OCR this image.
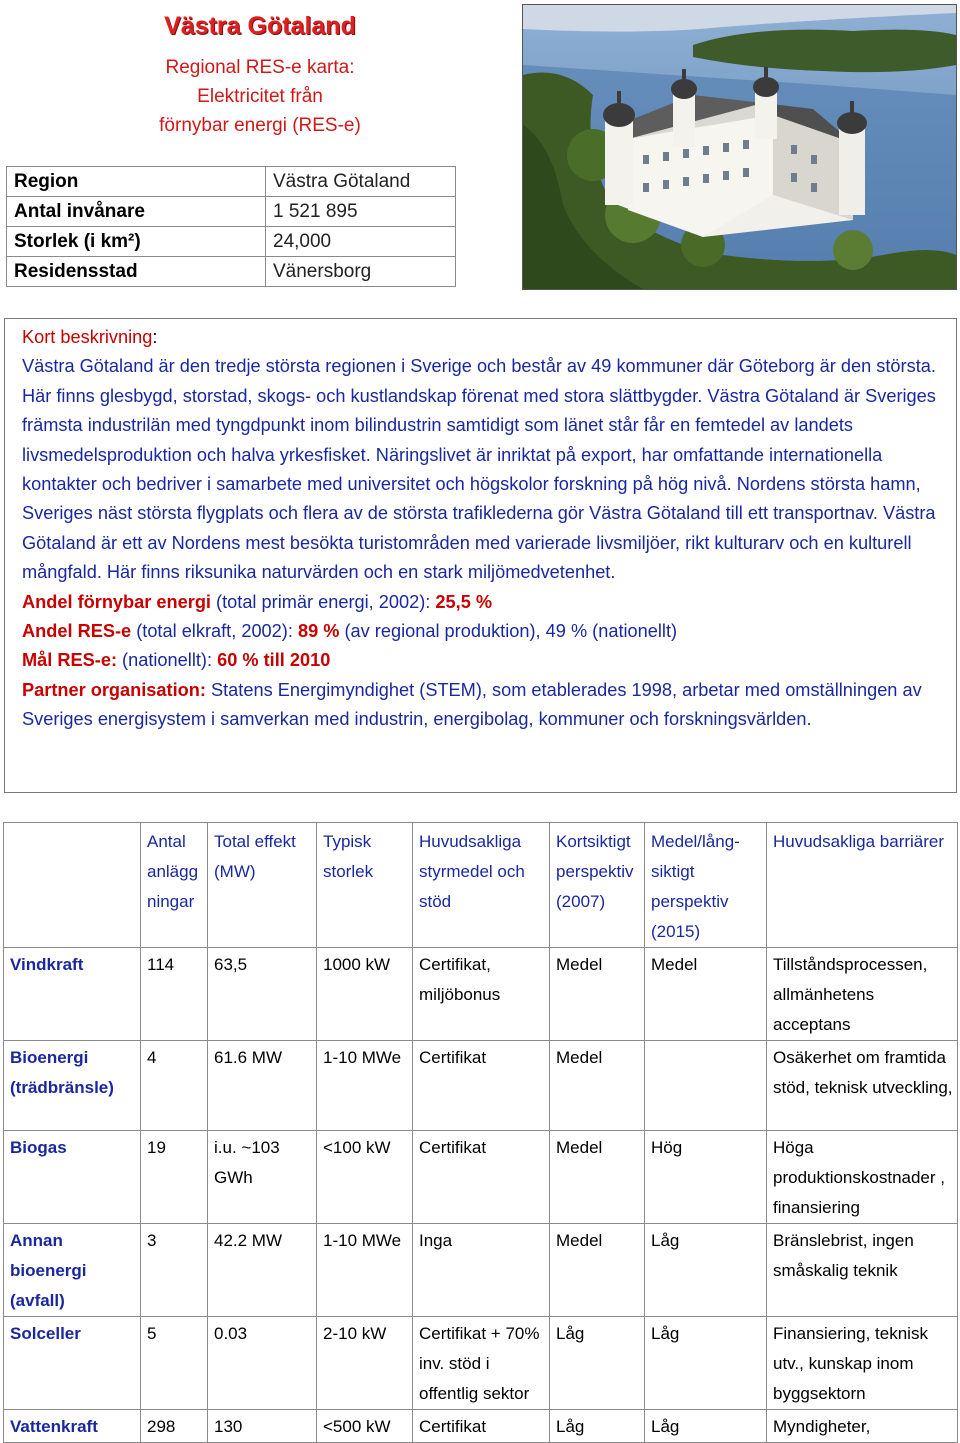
Västra Götaland
Regional RES-e karta:
Elektricitet från
förnybar energi (RES-e)
Region	Västra Götaland
Antal invånare	1 521 895
Storlek (i km²)	24,000
Residensstad	Vänersborg
Kort beskrivning:
Västra Götaland är den tredje största regionen i Sverige och består av 49 kommuner där Göteborg är den största. Här finns glesbygd, storstad, skogs- och kustlandskap förenat med stora slättbygder. Västra Götaland är Sveriges främsta industrilän med tyngdpunkt inom bilindustrin samtidigt som länet står får en femtedel av landets livsmedelsproduktion och halva yrkesfisket. Näringslivet är inriktat på export, har omfattande internationella kontakter och bedriver i samarbete med universitet och högskolor forskning på hög nivå. Nordens största hamn, Sveriges näst största flygplats och flera av de största trafiklederna gör Västra Götaland till ett transportnav. Västra Götaland är ett av Nordens mest besökta turistområden med varierade livsmiljöer, rikt kulturarv och en kulturell mångfald. Här finns riksunika naturvärden och en stark miljömedvetenhet.
Andel förnybar energi (total primär energi, 2002): 25,5 %
Andel RES-e (total elkraft, 2002): 89 % (av regional produktion), 49 % (nationellt)
Mål RES-e: (nationellt): 60 % till 2010
Partner organisation: Statens Energimyndighet (STEM), som etablerades 1998, arbetar med omställningen av Sveriges energisystem i samverkan med industrin, energibolag, kommuner och forskningsvärlden.
	Antal anlägg ningar	Total effekt (MW)	Typisk storlek	Huvudsakliga styrmedel och stöd	Kortsiktigt perspektiv (2007)	Medel/lång-siktigt perspektiv (2015)	Huvudsakliga barriärer
Vindkraft	114	63,5	1000 kW	Certifikat, miljöbonus	Medel	Medel	Tillståndsprocessen, allmänhetens acceptans
Bioenergi (trädbränsle)	4	61.6 MW	1-10 MWe	Certifikat	Medel		Osäkerhet om framtida stöd, teknisk utveckling,
Biogas	19	i.u. ~103 GWh	<100 kW	Certifikat	Medel	Hög	Höga produktionskostnader , finansiering
Annan bioenergi (avfall)	3	42.2 MW	1-10 MWe	Inga	Medel	Låg	Bränslebrist, ingen småskalig teknik
Solceller	5	0.03	2-10 kW	Certifikat + 70% inv. stöd i offentlig sektor	Låg	Låg	Finansiering, teknisk utv., kunskap inom byggsektorn
Vattenkraft	298	130	<500 kW	Certifikat	Låg	Låg	Myndigheter,
